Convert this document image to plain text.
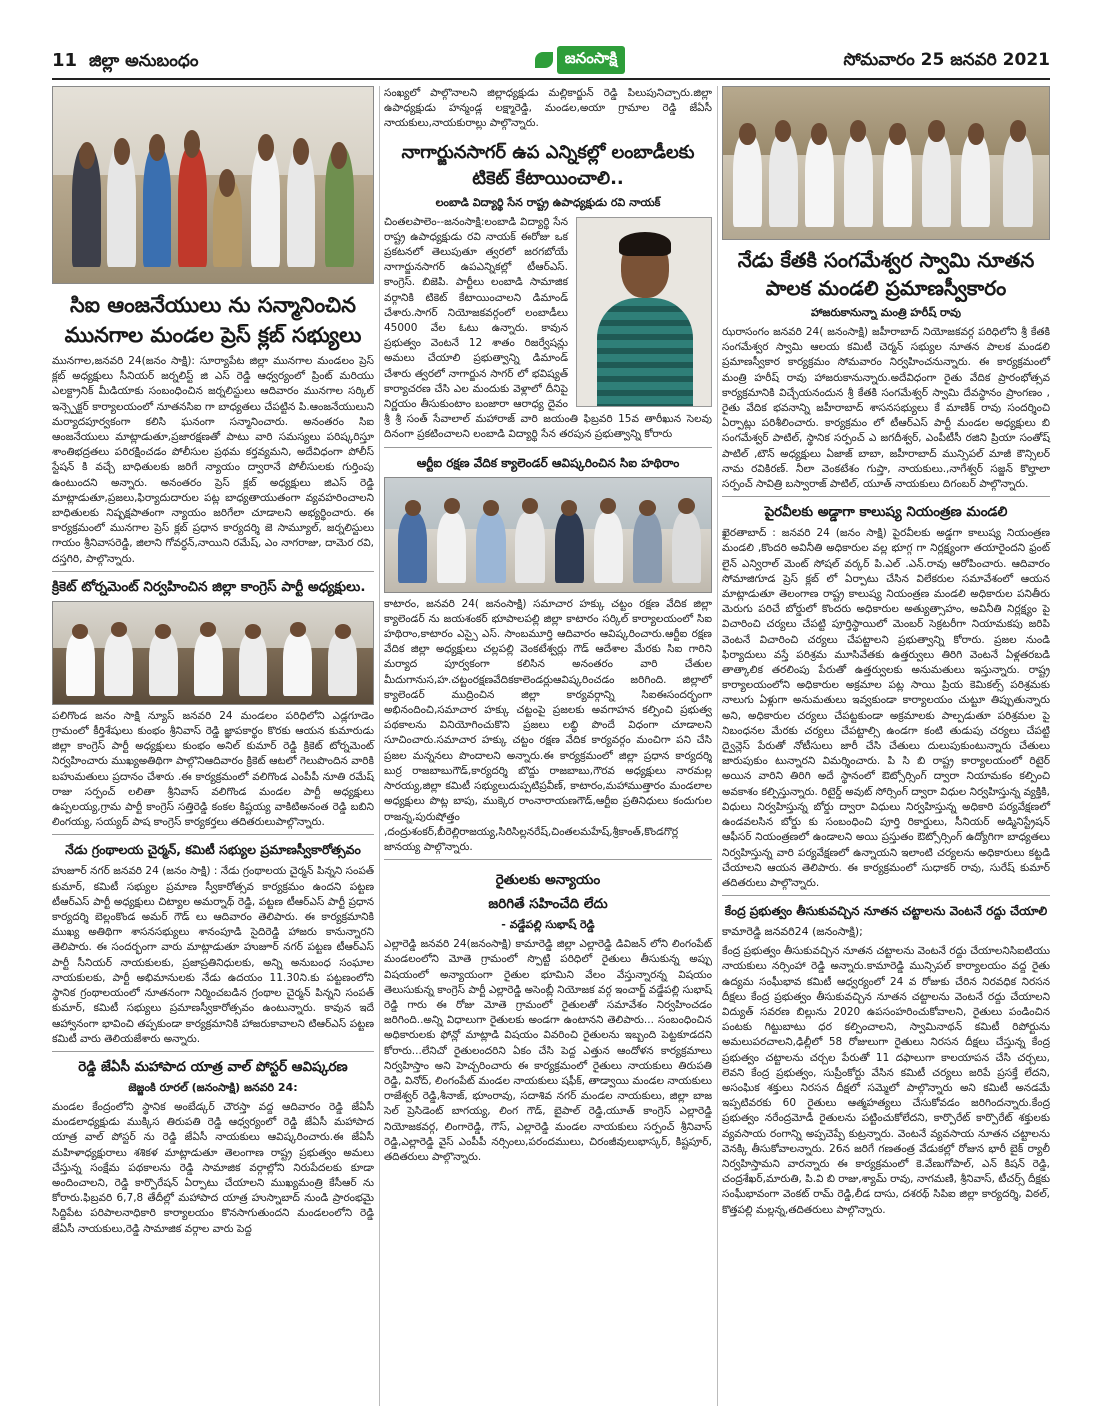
11 జిల్లా అనుబంధం	జనంసాక్షి	సోమవారం 25 జనవరి 2021
సిఐ ఆంజనేయులు ను సన్మానించిన మునగాల మండల ప్రెస్ క్లబ్ సభ్యులు

మునగాల,జనవరి 24(జనం సాక్షి): సూర్యాపేట జిల్లా మునగాల మండలం ప్రెస్ క్లబ్ అధ్యక్షులు సీనియర్ జర్నలిస్ట్ జి ఎస్ రెడ్డి ఆధ్వర్యంలో ప్రింట్ మరియు ఎలక్ట్రానిక్ మీడియాకు సంబంధించిన జర్నలిస్టులు ఆదివారం మునగాల సర్కిల్ ఇన్స్పెక్టర్ కార్యాలయంలో నూతనసిఐ గా బాధ్యతలు చేపట్టిన పి.ఆంజనేయులుని మర్యాదపూర్వకంగా కలిసి ఘనంగా సన్మానించారు. అనంతరం సిఐ ఆంజనేయులు మాట్లాడుతూ,ప్రజారక్షణతో పాటు వారి సమస్యలు పరిష్కరిస్తూ శాంతిభద్రతలు పరిరక్షించడం పోలీసుల ప్రథమ కర్తవ్యమని, అదేవిధంగా పోలీస్ స్టేషన్ కి వచ్చే బాధితులకు జరిగే న్యాయం ద్వారానే పోలీసులకు గుర్తింపు ఉంటుందని అన్నారు. అనంతరం ప్రెస్ క్లబ్ అధ్యక్షులు జిఎస్ రెడ్డి మాట్లాడుతూ,ప్రజలు,ఫిర్యాదుదారుల పట్ల బాధ్యతాయుతంగా వ్యవహరించాలని బాధితులకు నిష్పక్షపాతంగా న్యాయం జరిగేలా చూడాలని అభ్యర్థించారు. ఈ కార్యక్రమంలో మునగాల ప్రెస్ క్లబ్ ప్రధాన కార్యదర్శి జె సామ్యూల్, జర్నలిస్టులు గాయం శ్రీనివాసరెడ్డి, జిలాని గోవర్ధన్,నాయిని రమేష్, ఎం నాగరాజు, దామెర రవి, దస్తగిరి, పాల్గొన్నారు.

క్రికెట్ టోర్నమెంట్ నిర్వహించిన జిల్లా కాంగ్రెస్ పార్టీ అధ్యక్షులు.

పలిగొండ జనం సాక్షి న్యూస్ జనవరి 24 మండలం పరిధిలోని ఎడ్లగూడెం గ్రామంలో కీర్తిశేషులు కుంభం శ్రీనివాస్ రెడ్డి జ్ఞాపకార్థం కొరకు ఆయన కుమారుడు జిల్లా కాంగ్రెస్ పార్టీ అధ్యక్షులు కుంభం అనిల్ కుమార్ రెడ్డి క్రికెట్ టోర్నమెంట్ నిర్వహించారు ముఖ్యఅతిథిగా పాల్గొనిఆదివారం క్రికెట్ ఆటలో గెలుపొందిన వారికి బహుమతులు ప్రదానం చేశారు .ఈ కార్యక్రమంలో వలిగొండ ఎంపీపీ నూతి రమేష్ రాజు సర్పంచ్ లలితా శ్రీనివాస్ వలిగొండ మండల పార్టీ అధ్యక్షులు ఉప్పలయ్య,గ్రామ పార్టీ కాంగ్రెస్ సత్తిరెడ్డి కంకల కిష్టయ్య వాకిటిఅనంత రెడ్డి బబిని లింగయ్య, సయ్యద్ పాష కాంగ్రెస్ కార్యకర్తలు తదితరులుపాల్గొన్నారు.

నేడు గ్రంథాలయ చైర్మన్, కమిటీ సభ్యుల ప్రమాణస్వీకారోత్సవం

హుజూర్ నగర్ జనవరి 24 (జనం సాక్షి) : నేడు గ్రంథాలయ చైర్మన్ పిన్నని సంపత్ కుమార్, కమిటీ సభ్యుల ప్రమాణ స్వీకారోత్సవ కార్యక్రమం ఉందని పట్టణ టీఆర్ఎస్ పార్టీ అధ్యక్షులు చిట్యాల అమర్నాథ్ రెడ్డి, పట్టణ టీఆర్ఎస్ పార్టీ ప్రధాన కార్యదర్శి బెల్లంకొండ అమర్ గౌడ్ లు ఆదివారం తెలిపారు. ఈ కార్యక్రమానికి ముఖ్య అతిథిగా శాసనసభ్యులు శానంపూడి సైదిరెడ్డి హాజరు కానున్నారని తెలిపారు. ఈ సందర్భంగా వారు మాట్లాడుతూ హుజూర్ నగర్ పట్టణ టీఆర్ఎస్ పార్టీ సీనియర్ నాయకులకు, ప్రజాప్రతినిధులకు, అన్ని అనుబంధ సంఘాల నాయకులకు, పార్టీ అభిమానులకు నేడు ఉదయం 11.30ని.కు పట్టణంలోని స్థానిక గ్రంథాలయంలో నూతనంగా నిర్మించబడిన గ్రంథాల చైర్మన్ పిన్నని సంపత్ కుమార్, కమిటీ సభ్యులు ప్రమాణస్వీకారోత్సవం ఉంటున్నారు. కావున ఇదే ఆహ్వానంగా భావించి తప్పకుండా కార్యక్రమానికి హాజరుకావాలని టిఆర్ఎస్ పట్టణ కమిటీ వారు తెలియజేశారు అన్నారు.

రెడ్డి జేఏసీ మహాపాద యాత్ర వాల్ పోస్టర్ ఆవిష్కరణ
జెజ్జంకి రూరల్ (జనంసాక్షి) జనవరి 24:

మండల కేంద్రంలోని స్థానిక అంబేడ్కర్ చౌరస్తా వద్ద ఆదివారం రెడ్డి జేఏసీ మండలాధ్యక్షుడు ముక్కిస తిరుపతి రెడ్డి ఆధ్వర్యంలో రెడ్డి జేఏసీ మహాపాద యాత్ర వాల్ పోస్టర్ ను రెడ్డి జేఏసీ నాయకులు ఆవిష్కరించారు.ఈ జేఏసీ మహిళాధ్యక్షురాలు శశికళ మాట్లాడుతూ తెలంగాణ రాష్ట్ర ప్రభుత్వం అమలు చేస్తున్న సంక్షేమ పథకాలను రెడ్డి సామాజిక వర్గాల్లోని నిరుపేదలకు కూడా అందించాలని, రెడ్డి కార్పొరేషన్ ఏర్పాటు చేయాలని ముఖ్యమంత్రి కేసీఆర్ ను కోరారు.ఫిబ్రవరి 6,7,8 తేదీల్లో మహాపాద యాత్ర హుస్నాబాద్ నుండి ప్రారంభమై సిద్దిపేట పరిపాలనాధికారి కార్యాలయం కొనసాగుతుందని మండలంలోని రెడ్డి జేఏసీ నాయకులు,రెడ్డి సామాజిక వర్గాల వారు పెద్ద

సంఖ్యలో పాల్గొనాలని జిల్లాధ్యక్షుడు మల్లికార్జున్ రెడ్డి పిలుపునిచ్చారు.జిల్లా ఉపాధ్యక్షుడు హన్మండ్ల లక్ష్మారెడ్డి, మండల,అయా గ్రామాల రెడ్డి జేఏసీ నాయకులు,నాయకురాల్లు పాల్గొన్నారు.

నాగార్జునసాగర్ ఉప ఎన్నికల్లో లంబాడీలకు టికెట్ కేటాయించాలి..
లంబాడి విద్యార్థి సేన రాష్ట్ర ఉపాధ్యక్షుడు రవి నాయక్

చింతలపాలెం--జనంసాక్షి:లంబాడి విద్యార్థి సేన రాష్ట్ర ఉపాధ్యక్షుడు రవి నాయక్ ఈరోజు ఒక ప్రకటనలో తెలుపుతూ త్వరలో జరగబోయే నాగార్జునసాగర్ ఉపఎన్నికల్లో టీఆర్ఎస్. కాంగ్రెస్. బిజెపి. పార్టీలు లంబాడి సామాజిక వర్గానికి టికెట్ కేటాయించాలని డిమాండ్ చేశారు.సాగర్ నియోజకవర్గంలో లంబాడీలు 45000 వేల ఓటు ఉన్నారు. కావున ప్రభుత్వం వెంటనే 12 శాతం రిజర్వేషన్లు అమలు చేయాలి ప్రభుత్వాన్ని డిమాండ్ చేశారు త్వరలో నాగార్జున సాగర్ లో భవిష్యత్ కార్యాచరణ చేసి ఎల మందుకు వెళ్లాలో దీనిపై నిర్ణయం తీసుకుంటాం బంజారా ఆరాధ్య దైవం శ్రీ శ్రీ సంత్ సేవాలాల్ మహారాజ్ వారి జయంతి ఫిబ్రవరి 15వ తారీఖున సెలవు దినంగా ప్రకటించాలని లంబాడి విద్యార్థి సేన తరపున ప్రభుత్వాన్ని కోరారు

ఆర్టీఐ రక్షణ వేదిక క్యాలెండర్ ఆవిష్కరించిన సిఐ హథిరాం

కాటారం, జనవరి 24( జనంసాక్షి) సమాచార హక్కు చట్టం రక్షణ వేదిక జిల్లా క్యాలెండర్ ను జయశంకర్ భూపాలపల్లి జిల్లా కాటారం సర్కిల్ కార్యాలయంలో సిఐ హథిరాం,కాటారం ఎస్సై ఎస్. సాంబమూర్తి ఆదివారం ఆవిష్కరించారు.ఆర్టీఐ రక్షణ వేదిక జిల్లా అధ్యక్షులు చల్లపల్లి వెంకటేశ్వర్లు గౌడ్ ఆదేశాల మేరకు సిఐ గారిని మర్యాద పూర్వకంగా కలిసిన అనంతరం వారి చేతుల మీదుగానుస,హ.చట్టంరక్షణవేదికకాలెండర్లుఆవిష్కరించడం జరిగింది. జిల్లాలో క్యాలెండర్ ముద్రించిన జిల్లా కార్యవర్గాన్ని సిఐఈసందర్భంగా అభినందించి,సమాచార హక్కు చట్టంపై ప్రజలకు అవగాహన కల్పించి ప్రభుత్వ పథకాలను వినియోగించుకొని ప్రజలు లబ్ధి పొందే విధంగా చూడాలని సూచించారు.సమాచార హక్కు చట్టం రక్షణ వేదిక కార్యవర్గం మంచిగా పని చేసి ప్రజల మన్ననలు పొందాలని అన్నారు.ఈ కార్యక్రమంలో జిల్లా ప్రధాన కార్యదర్శి బుర్ర రాజబాబుగౌడ్,కార్యదర్శి బొద్దు రాజబాబు,గౌరవ అధ్యక్షులు నారమల్ల సారయ్య,జిల్లా కమిటీ సభ్యులుదుప్పటిప్రవీణ్, కాటారం,మహాముత్తారం మండలాల అధ్యక్షులు పొట్ల బాపు, ముక్కెర రాంనారాయణగౌడ్,ఆర్టీఐ ప్రతినిధులు కందుగుల రాజన్న,పురుషోత్తం ,దంద్రుశంకర్,బీరెల్లిరాజయ్య,సిరిసిల్లనరేష్,చింతలమహేష్,శ్రీకాంత్,కొండగొర్ల జానయ్య పాల్గొన్నారు.

రైతులకు అన్యాయం
జరిగితే సహించేది లేదు
- వడ్డేపల్లి సుభాష్ రెడ్డి

ఎల్లారెడ్డి జనవరి 24(జనంసాక్షి) కామారెడ్డి జిల్లా ఎల్లారెడ్డి డివిజన్ లోని లింగంపేట్ మండలంలోని మోతె గ్రామంలో స్పొట్టి పరిధిలో రైతులు తీసుకున్న అప్పు విషయంలో అన్యాయంగా రైతుల భూమిని వేలం వేస్తున్నారన్న విషయం తెలుసుకున్న కాంగ్రెస్ పార్టీ ఎల్లారెడ్డి అసెంబ్లీ నియోజక వర్గ ఇంచార్జ్ వడ్డేపల్లి సుభాష్ రెడ్డి గారు ఈ రోజు మోతె గ్రామంలో రైతులతో సమావేశం నిర్వహించడం జరిగింది..అన్ని విధాలుగా రైతులకు అండగా ఉంటానని తెలిపారు... సంబంధించిన అధికారులకు ఫోన్లో మాట్లాడి విషయం వివరించి రైతులను ఇబ్బంది పెట్టకూడదని కోరారు...లేనిచో రైతులందరిని ఏకం చేసి పెద్ద ఎత్తున ఆందోళన కార్యక్రమాలు నిర్వహిస్తాం అని హెచ్చరించారు ఈ కార్యక్రమంలో రైతులు నాయకులు తిరుపతి రెడ్డి, వినోద్, లింగంపేట్ మండల నాయకులు షఫీక్, తాడ్వాయి మండల నాయకులు రాజేశ్వర్ రెడ్డి,శీనాజ్, భూంరావు, సదాశివ నగర్ మండల నాయకులు, జిల్లా బాజ సెల్ ప్రెసిడెంట్ బాగయ్య, లింగ గౌడ్, బైపాల్ రెడ్డి,యూత్ కాంగ్రెస్ ఎల్లారెడ్డి నియోజకవర్గ, లింగారెడ్డి, గౌస్, ఎల్లారెడ్డి మండల నాయకులు సర్పంచ్ శ్రీనివాస్ రెడ్డి,ఎల్లారెడ్డి వైస్ ఎంపీపీ నర్సింలు,పరందములు, చిరంజీవులుభాస్కర్, కిష్టపూర్, తదితరులు పాల్గొన్నారు.

నేడు కేతకి సంగమేశ్వర స్వామి నూతన పాలక మండలి ప్రమాణస్వీకారం
హాజరుకానున్నా మంత్రి హరీష్ రావు

ఝరాసంగం జనవరి 24( జనంసాక్షి) జహీరాబాద్ నియోజకవర్గ పరిధిలోని శ్రీ కేతకి సంగమేశ్వర స్వామి ఆలయ కమిటీ చెర్మన్ సభ్యుల నూతన పాలక మండలి ప్రమాణస్వీకార కార్యక్రమం సోమవారం నిర్వహించనున్నారు. ఈ కార్యక్రమంలో మంత్రి హరీష్ రావు హాజరుకానున్నారు.అదేవిధంగా రైతు వేదిక ప్రారంభోత్సవ కార్యక్రమానికి విచ్చేయనందున శ్రీ కేతకి సంగమేశ్వర్ స్వామి దేవస్థానం ప్రాంగణం , రైతు వేదిక భవనాన్ని జహీరాబాద్ శాసనసభ్యులు కే మాణిక్ రావు సందర్శించి ఏర్పాట్లు పరిశీలించారు. కార్యక్రమం లో టీఆర్ఎస్ పార్టీ మండల అధ్యక్షులు బి సంగమేశ్వర్ పాటిల్, స్థానిక సర్పంచ్ ఎ జగదీశ్వర్, ఎంపీటీసీ రజిని ప్రియా సంతోష్ పాటిల్ ,టౌన్ అధ్యక్షులు ఏజాజ్ బాబా, జహీరాబాద్ మున్సిపల్ మాజీ కౌన్సిలర్ నామ రవికిరణ్. నీలా వెంకటేశం గుప్తా, నాయకులు.,నాగేశ్వర్ సజ్జన్ కొల్హాలా సర్పంచ్ సావిత్రి బస్వారాజ్ పాటిల్, యూత్ నాయకులు దిగంబర్ పాల్గొన్నారు.

పైరవీలకు అడ్డాగా కాలుష్య నియంత్రణ మండలి

ఖైరతాబాద్ : జనవరి 24 (జనం సాక్షి) పైరవీలకు అడ్డగా కాలుష్య నియంత్రణ మండలి ,కొందరి అవినీతి అధికారుల వల్ల భూగ్గ గా నిర్లక్ష్యంగా తయారైందని ఫ్రంట్ లైన్ ఎన్విరాల్ మెంట్ సోషల్ వర్కర్ పి.ఎల్ .ఎన్.రావు ఆరోపించారు. ఆదివారం సోమాజిగూడ ప్రెస్ క్లబ్ లో ఏర్పాటు చేసిన విలేకరుల సమావేశంలో ఆయన మాట్లాడుతూ తెలంగాణ రాష్ట్ర కాలుష్య నియంత్రణ మండలి అధికారుల పనితీరు మెరుగు పరిచే బోర్డులో కొందరు అధికారుల అత్యుత్సాహం, అవినీతి నిర్లక్ష్యం పై విచారించి చర్యలు చేపట్టి పూర్తిస్థాయిలో మెంబర్ సెక్రటరీగా నియామకపు జరిపి వెంటనే విచారించి చర్యలు చేపట్టాలని ప్రభుత్వాన్ని కోరారు. ప్రజల నుండి ఫిర్యాదులు వస్తే పరిశ్రమ మూసివేతకు ఉత్తర్వులు తిరిగి వెంటనే ఏళ్లతరబడి తాత్కాలిక తరలింపు పేరుతో ఉత్తర్వులకు అనుమతులు ఇస్తున్నారు. రాష్ట్ర కార్యాలయంలోని అధికారుల అక్రమాల పట్ల సాయి ప్రియ కెమికల్స్ పరిశ్రమకు నాలుగు ఏళ్లుగా అనుమతులు ఇవ్వకుండా కార్యాలయం చుట్టూ తిప్పుతున్నారు అని, అధికారుల చర్యలు చేపట్టకుండా అక్రమాలకు పాల్పడుతూ పరిశ్రమల పై నిబంధనల మేరకు చర్యలు చేపట్టాల్సి ఉండగా కంటి తుడుపు చర్యలు చేపట్టి ద్వైన్లెస్ పేరుతో నోటీసులు జారీ చేసి చేతులు దులుపుకుంటున్నారు చేతులు జారుపుకుం టున్నారని విమర్శించారు. పి సి బి రాష్ట్ర కార్యాలయంలో రిటైర్ అయిన వారిని తిరిగి అదే స్థానంలో ఔట్సోర్సింగ్ ద్వారా నియామకం కల్పించి అవకాశం కల్పిస్తున్నారు. రిటైర్డ్ అవుట్ సోర్సింగ్ ద్వారా విధుల నిర్వహిస్తున్న వ్యక్తికి, విధులు నిర్వహిస్తున్న బోర్డు ద్వారా విధులు నిర్వహిస్తున్న అధికారి పర్యవేక్షణలో ఉండవలసిన బోర్డు కు సంబంధించి పూర్తి రికార్డులు, సీనియర్ అడ్మినిస్ట్రేషన్ ఆఫీసర్ నియంత్రణలో ఉండాలని అయి ప్రస్తుతం ఔట్సోర్సింగ్ ఉద్యోగిగా బాధ్యతలు నిర్వహిస్తున్న వారి పర్యవేక్షణలో ఉన్నాయని ఇలాంటి చర్యలను అధికారులు కట్టడి చేయాలని ఆయన తెలిపారు. ఈ కార్యక్రమంలో సుధాకర్ రావు, సురేష్ కుమార్ తదితరులు పాల్గొన్నారు.

కేంద్ర ప్రభుత్వం తీసుకువచ్చిన నూతన చట్టాలను వెంటనే రద్దు చేయాలి
కామారెడ్డి జనవరి24 (జనంసాక్షి);

కేంద్ర ప్రభుత్వం తీసుకువచ్చిన నూతన చట్టాలను వెంటనే రద్దు చేయాలనిసిఐటియు నాయకులు నర్సింహా రెడ్డి అన్నారు.కామారెడ్డి మున్సిపల్ కార్యాలయం వద్ద రైతు ఉద్యమ సంఘీభావ కమిటీ ఆధ్వర్యంలో 24 వ రోజుకు చేరిన నిరవధిక నిరసన దీక్షలు కేంద్ర ప్రభుత్వం తీసుకువచ్చిన నూతన చట్టాలను వెంటనే రద్దు చేయాలని విద్యుత్ సవరణ బిల్లును 2020 ఉపసంహరించుకోవాలని, రైతులు పండించిన పంటకు గిట్టుబాటు ధర కల్పించాలని, స్వామినాథన్ కమిటీ రిపోర్టును అమలుపరచాలని,ఢిల్లీలో 58 రోజులుగా రైతులు నిరసన దీక్షలు చేస్తున్న కేంద్ర ప్రభుత్వం చట్టాలను చర్చల పేరుతో 11 దఫాలుగా కాలయాపన చేసి చర్చలు, లెవని కేంద్ర ప్రభుత్వం, సుప్రీంకోర్టు వేసిన కమిటీ చర్యలు జరిపే ప్రసక్తే లేదని, అసంఘిక శక్తులు నిరసన దీక్షలో సమ్మెలో పాల్గొన్నారు అని కమిటీ అనడమే ఇప్పటివరకు 60 రైతులు ఆత్మహత్యలు చేసుకోవడం జరిగిందన్నారు.కేంద్ర ప్రభుత్వం నరేంద్రమోడీ రైతులను పట్టించుకోలేదని, కార్పొరేట్ కార్పొరేట్ శక్తులకు వ్యవసాయ రంగాన్ని అప్పచెప్పే కుట్రన్నారు. వెంటనే వ్యవసాయ నూతన చట్టాలను వెనక్కి తీసుకోవాలన్నారు. 26న జరిగే గణతంత్ర వేడుకల్లో రోజున భారీ బైక్ ర్యాలీ నిర్వహిస్తామని వారన్నారు ఈ కార్యక్రమంలో కె.వేణుగోపాల్, ఎన్ కిషన్ రెడ్డి, చంద్రశేఖర్,మారుతి, పి.వి బి రాజు,శ్యామ్ రావు, నాగమణి, శ్రీనివాస్, టీచర్స్ దీక్షకు సంఘీభావంగా వెంకట్ రామ్ రెడ్డి,లీడ దాసు, దశరథ్ సిపిఐ జిల్లా కార్యదర్శి, విఠల్, కొత్తపల్లి మల్లన్న,తదితరులు పాల్గొన్నారు.
